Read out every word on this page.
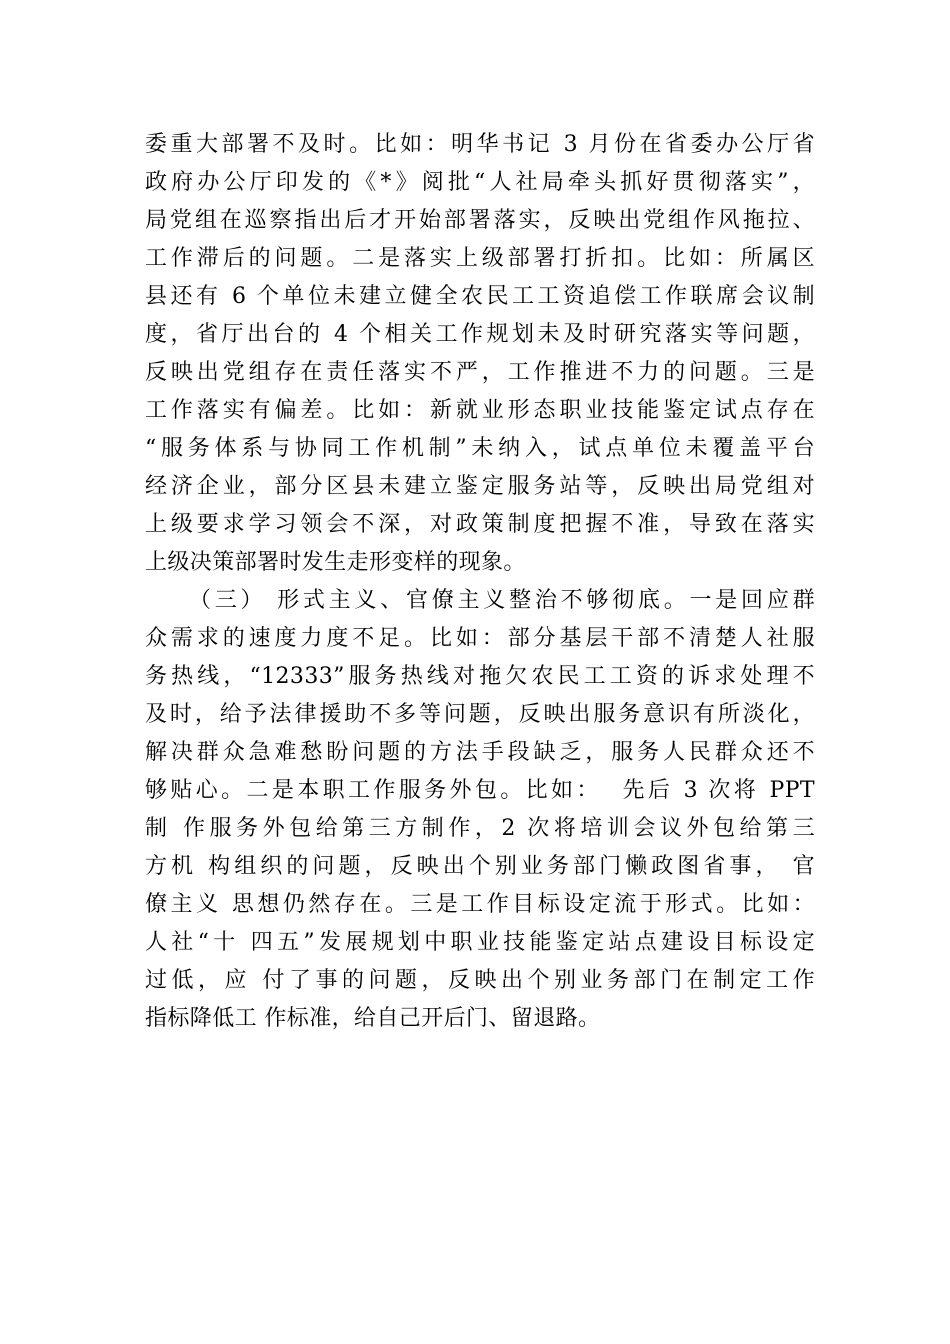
委重大部署不及时。比如：明华书记 3 月份在省委办公厅省
政府办公厅印发的《*》阅批“人社局牵头抓好贯彻落实”，
局党组在巡察指出后才开始部署落实，反映出党组作风拖拉、
工作滞后的问题。二是落实上级部署打折扣。比如：所属区
县还有 6 个单位未建立健全农民工工资追偿工作联席会议制
度，省厅出台的 4 个相关工作规划未及时研究落实等问题，
反映出党组存在责任落实不严，工作推进不力的问题。三是
工作落实有偏差。比如：新就业形态职业技能鉴定试点存在
“服务体系与协同工作机制”未纳入，试点单位未覆盖平台
经济企业，部分区县未建立鉴定服务站等，反映出局党组对
上级要求学习领会不深，对政策制度把握不准，导致在落实
上级决策部署时发生走形变样的现象。
（三） 形式主义、官僚主义整治不够彻底。一是回应群
众需求的速度力度不足。比如：部分基层干部不清楚人社服
务热线，“12333”服务热线对拖欠农民工工资的诉求处理不
及时，给予法律援助不多等问题，反映出服务意识有所淡化，
解决群众急难愁盼问题的方法手段缺乏，服务人民群众还不
够贴心。二是本职工作服务外包。比如：  先后 3 次将 PPT
制 作服务外包给第三方制作，2 次将培训会议外包给第三
方机 构组织的问题，反映出个别业务部门懒政图省事， 官
僚主义 思想仍然存在。三是工作目标设定流于形式。比如：
人社“十 四五”发展规划中职业技能鉴定站点建设目标设定
过低，应 付了事的问题，反映出个别业务部门在制定工作
指标降低工 作标准，给自己开后门、留退路。
